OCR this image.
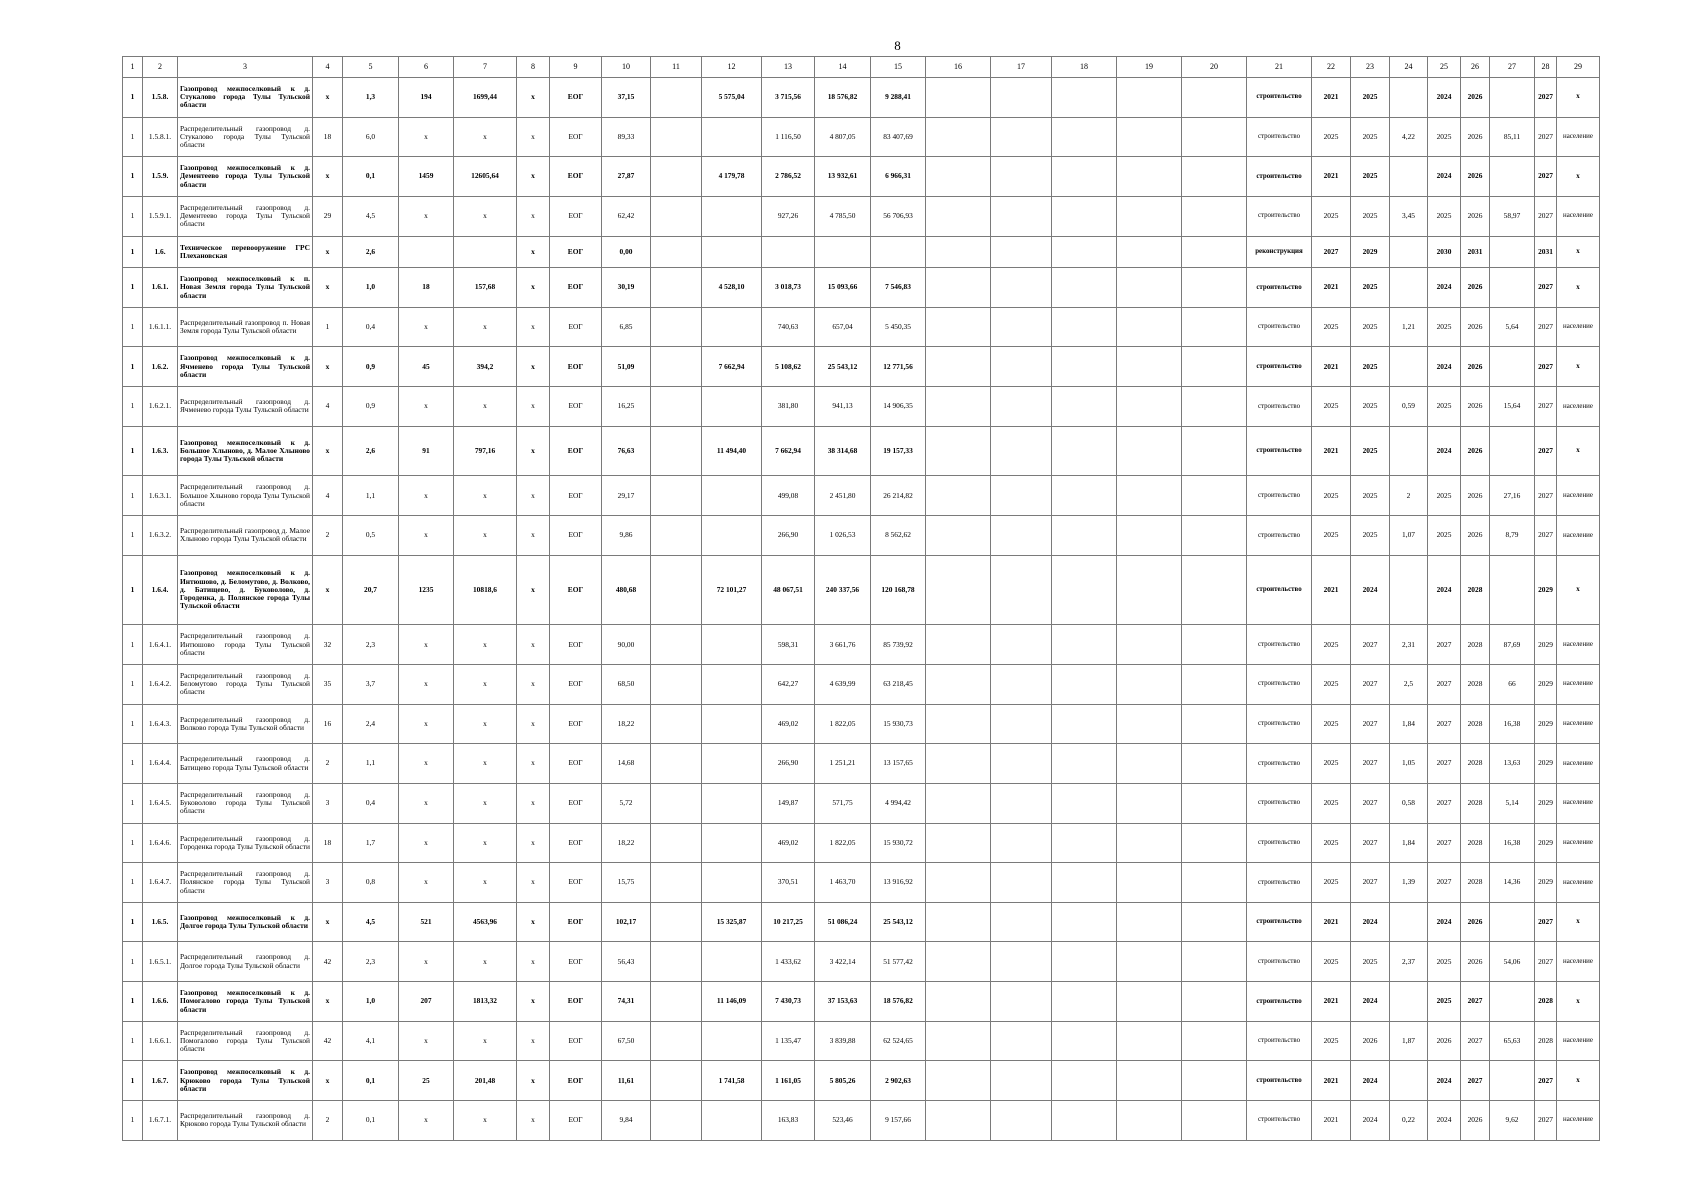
8
1	2	3	4	5	6	7	8	9	10	11	12	13	14	15	16	17	18	19	20	21	22	23	24	25	26	27	28	29
1	1.5.8.	Газопровод межпоселковый к д. Стукалово города Тулы Тульской области	x	1,3	194	1699,44	x	ЕОГ	37,15		5 575,04	3 715,56	18 576,82	9 288,41						строительство	2021	2025		2024	2026		2027	x
1	1.5.8.1.	Распределительный газопровод д. Стукалово города Тулы Тульской области	18	6,0	x	x	x	ЕОГ	89,33			1 116,50	4 807,05	83 407,69						строительство	2025	2025	4,22	2025	2026	85,11	2027	население
1	1.5.9.	Газопровод межпоселковый к д. Дементеево города Тулы Тульской области	x	0,1	1459	12605,64	x	ЕОГ	27,87		4 179,78	2 786,52	13 932,61	6 966,31						строительство	2021	2025		2024	2026		2027	x
1	1.5.9.1.	Распределительный газопровод д. Дементеево города Тулы Тульской области	29	4,5	x	x	x	ЕОГ	62,42			927,26	4 785,50	56 706,93						строительство	2025	2025	3,45	2025	2026	58,97	2027	население
1	1.6.	Техническое перевооружение ГРС Плехановская	x	2,6			x	ЕОГ	0,00											реконструкция	2027	2029		2030	2031		2031	x
1	1.6.1.	Газопровод межпоселковый к п. Новая Земля города Тулы Тульской области	x	1,0	18	157,68	x	ЕОГ	30,19		4 528,10	3 018,73	15 093,66	7 546,83						строительство	2021	2025		2024	2026		2027	x
1	1.6.1.1.	Распределительный газопровод п. Новая Земля города Тулы Тульской области	1	0,4	x	x	x	ЕОГ	6,85			740,63	657,04	5 450,35						строительство	2025	2025	1,21	2025	2026	5,64	2027	население
1	1.6.2.	Газопровод межпоселковый к д. Ячменево города Тулы Тульской области	x	0,9	45	394,2	x	ЕОГ	51,09		7 662,94	5 108,62	25 543,12	12 771,56						строительство	2021	2025		2024	2026		2027	x
1	1.6.2.1.	Распределительный газопровод д. Ячменево города Тулы Тульской области	4	0,9	x	x	x	ЕОГ	16,25			381,80	941,13	14 906,35						строительство	2025	2025	0,59	2025	2026	15,64	2027	население
1	1.6.3.	Газопровод межпоселковый к д. Большое Хлыново, д. Малое Хлыново города Тулы Тульской области	x	2,6	91	797,16	x	ЕОГ	76,63		11 494,40	7 662,94	38 314,68	19 157,33						строительство	2021	2025		2024	2026		2027	x
1	1.6.3.1.	Распределительный газопровод д. Большое Хлыново города Тулы Тульской области	4	1,1	x	x	x	ЕОГ	29,17			499,08	2 451,80	26 214,82						строительство	2025	2025	2	2025	2026	27,16	2027	население
1	1.6.3.2.	Распределительный газопровод д. Малое Хлыново города Тулы Тульской области	2	0,5	x	x	x	ЕОГ	9,86			266,90	1 026,53	8 562,62						строительство	2025	2025	1,07	2025	2026	8,79	2027	население
1	1.6.4.	Газопровод межпоселковый к д. Интюшово, д. Беломутово, д. Волково, д. Батищево, д. Буковолово, д. Городенка, д. Полянское города Тулы Тульской области	x	20,7	1235	10818,6	x	ЕОГ	480,68		72 101,27	48 067,51	240 337,56	120 168,78						строительство	2021	2024		2024	2028		2029	x
1	1.6.4.1.	Распределительный газопровод д. Интюшово города Тулы Тульской области	32	2,3	x	x	x	ЕОГ	90,00			598,31	3 661,76	85 739,92						строительство	2025	2027	2,31	2027	2028	87,69	2029	население
1	1.6.4.2.	Распределительный газопровод д. Беломутово города Тулы Тульской области	35	3,7	x	x	x	ЕОГ	68,50			642,27	4 639,99	63 218,45						строительство	2025	2027	2,5	2027	2028	66	2029	население
1	1.6.4.3.	Распределительный газопровод д. Волково города Тулы Тульской области	16	2,4	x	x	x	ЕОГ	18,22			469,02	1 822,05	15 930,73						строительство	2025	2027	1,84	2027	2028	16,38	2029	население
1	1.6.4.4.	Распределительный газопровод д. Батищево города Тулы Тульской области	2	1,1	x	x	x	ЕОГ	14,68			266,90	1 251,21	13 157,65						строительство	2025	2027	1,05	2027	2028	13,63	2029	население
1	1.6.4.5.	Распределительный газопровод д. Буковолово города Тулы Тульской области	3	0,4	x	x	x	ЕОГ	5,72			149,87	571,75	4 994,42						строительство	2025	2027	0,58	2027	2028	5,14	2029	население
1	1.6.4.6.	Распределительный газопровод д. Городенка города Тулы Тульской области	18	1,7	x	x	x	ЕОГ	18,22			469,02	1 822,05	15 930,72						строительство	2025	2027	1,84	2027	2028	16,38	2029	население
1	1.6.4.7.	Распределительный газопровод д. Полянское города Тулы Тульской области	3	0,8	x	x	x	ЕОГ	15,75			370,51	1 463,70	13 916,92						строительство	2025	2027	1,39	2027	2028	14,36	2029	население
1	1.6.5.	Газопровод межпоселковый к д. Долгое города Тулы Тульской области	x	4,5	521	4563,96	x	ЕОГ	102,17		15 325,87	10 217,25	51 086,24	25 543,12						строительство	2021	2024		2024	2026		2027	x
1	1.6.5.1.	Распределительный газопровод д. Долгое города Тулы Тульской области	42	2,3	x	x	x	ЕОГ	56,43			1 433,62	3 422,14	51 577,42						строительство	2025	2025	2,37	2025	2026	54,06	2027	население
1	1.6.6.	Газопровод межпоселковый к д. Помогалово города Тулы Тульской области	x	1,0	207	1813,32	x	ЕОГ	74,31		11 146,09	7 430,73	37 153,63	18 576,82						строительство	2021	2024		2025	2027		2028	x
1	1.6.6.1.	Распределительный газопровод д. Помогалово города Тулы Тульской области	42	4,1	x	x	x	ЕОГ	67,50			1 135,47	3 839,88	62 524,65						строительство	2025	2026	1,87	2026	2027	65,63	2028	население
1	1.6.7.	Газопровод межпоселковый к д. Крюково города Тулы Тульской области	x	0,1	25	201,48	x	ЕОГ	11,61		1 741,58	1 161,05	5 805,26	2 902,63						строительство	2021	2024		2024	2027		2027	x
1	1.6.7.1.	Распределительный газопровод д. Крюково города Тулы Тульской области	2	0,1	x	x	x	ЕОГ	9,84			163,83	523,46	9 157,66						строительство	2021	2024	0,22	2024	2026	9,62	2027	население
